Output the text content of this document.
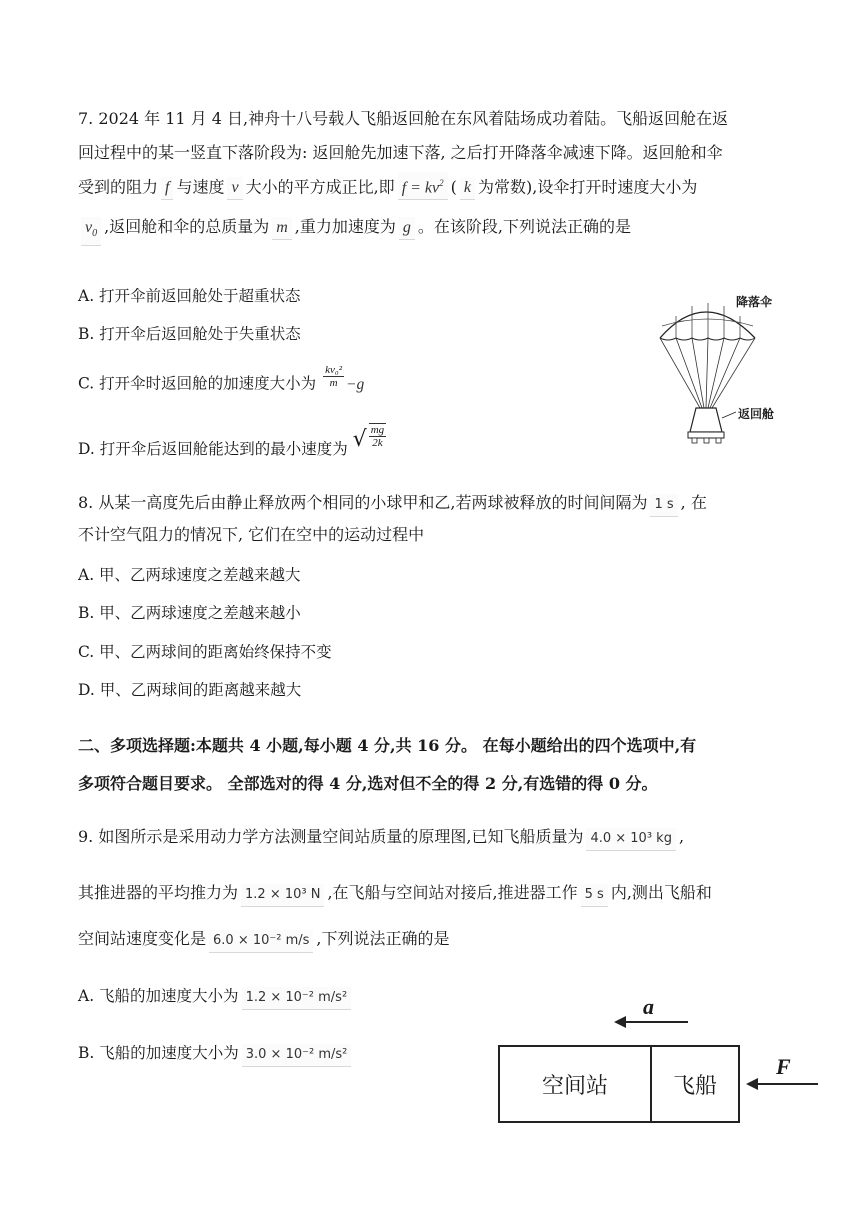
7. 2024 年 11 月 4 日,神舟十八号载人飞船返回舱在东风着陆场成功着陆。飞船返回舱在返
回过程中的某一竖直下落阶段为: 返回舱先加速下落, 之后打开降落伞减速下降。返回舱和伞
受到的阻力 f 与速度 v 大小的平方成正比,即 $f = kv^2$ ( k 为常数),设伞打开时速度大小为
$v_0$ ,返回舱和伞的总质量为 m ,重力加速度为 g 。在该阶段,下列说法正确的是
A. 打开伞前返回舱处于超重状态
B. 打开伞后返回舱处于失重状态
C. 打开伞时返回舱的加速度大小为 $\frac{\text{kv₀²}}{m} -g$
D. 打开伞后返回舱能达到的最小速度为 √ $\frac{mg}{2k}$
降落伞
返回舱
8. 从某一高度先后由静止释放两个相同的小球甲和乙,若两球被释放的时间间隔为 1 s , 在
不计空气阻力的情况下, 它们在空中的运动过程中
A. 甲、乙两球速度之差越来越大
B. 甲、乙两球速度之差越来越小
C. 甲、乙两球间的距离始终保持不变
D. 甲、乙两球间的距离越来越大
二、多项选择题:本题共 4 小题,每小题 4 分,共 16 分。 在每小题给出的四个选项中,有
多项符合题目要求。 全部选对的得 4 分,选对但不全的得 2 分,有选错的得 0 分。
9. 如图所示是采用动力学方法测量空间站质量的原理图,已知飞船质量为 4.0 × 10³ kg ,
其推进器的平均推力为 1.2 × 10³ N ,在飞船与空间站对接后,推进器工作 5 s 内,测出飞船和
空间站速度变化是 6.0 × 10⁻² m/s ,下列说法正确的是
A. 飞船的加速度大小为 1.2 × 10⁻² m/s²
B. 飞船的加速度大小为 3.0 × 10⁻² m/s²
a
空间站	飞船
F
